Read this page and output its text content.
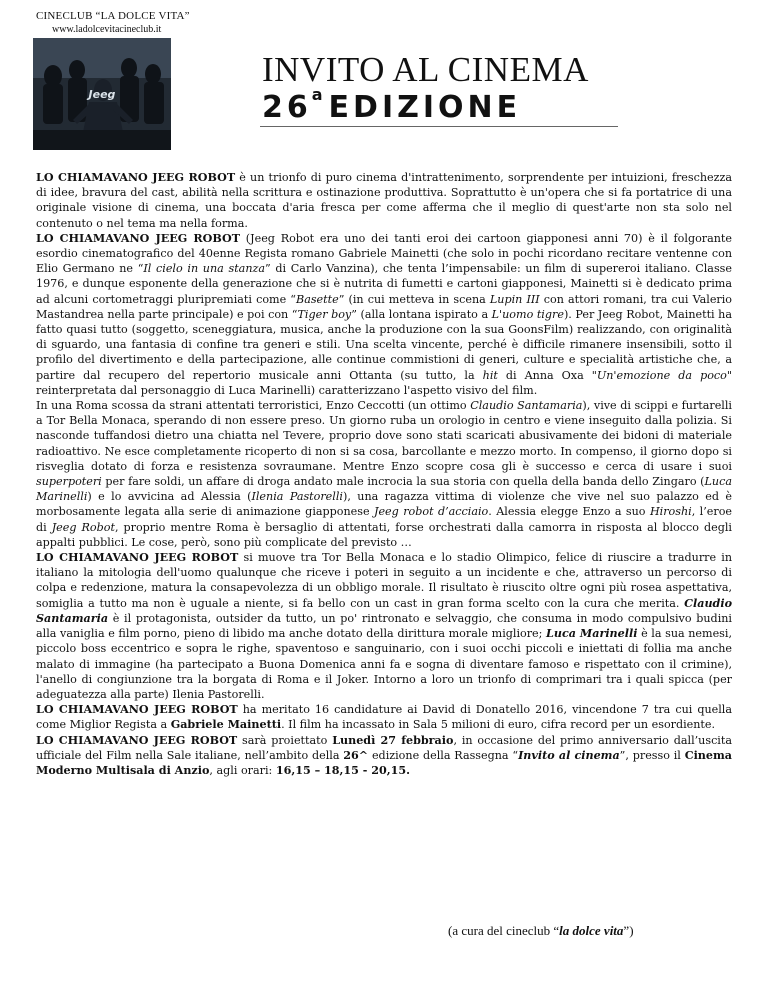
CINECLUB “LA DOLCE VITA”
www.ladolcevitacineclub.it
Jeeg
INVITO AL CINEMA
26$^a$ EDIZIONE

LO CHIAMAVANO JEEG ROBOT è un trionfo di puro cinema d'intrattenimento, sorprendente per intuizioni, freschezza di idee, bravura del cast, abilità nella scrittura e ostinazione produttiva. Soprattutto è un'opera che si fa portatrice di una originale visione di cinema, una boccata d'aria fresca per come afferma che il meglio di quest'arte non sta solo nel contenuto o nel tema ma nella forma.

LO CHIAMAVANO JEEG ROBOT (Jeeg Robot era uno dei tanti eroi dei cartoon giapponesi anni 70) è il folgorante esordio cinematografico del 40enne Regista romano Gabriele Mainetti (che solo in pochi ricordano recitare ventenne con Elio Germano ne “Il cielo in una stanza” di Carlo Vanzina), che tenta l’impensabile: un film di supereroi italiano. Classe 1976, e dunque esponente della generazione che si è nutrita di fumetti e cartoni giapponesi, Mainetti si è dedicato prima ad alcuni cortometraggi pluripremiati come “Basette” (in cui metteva in scena Lupin III con attori romani, tra cui Valerio Mastandrea nella parte principale) e poi con “Tiger boy” (alla lontana ispirato a L'uomo tigre). Per Jeeg Robot, Mainetti ha fatto quasi tutto (soggetto, sceneggiatura, musica, anche la produzione con la sua GoonsFilm) realizzando, con originalità di sguardo, una fantasia di confine tra generi e stili. Una scelta vincente, perché è difficile rimanere insensibili, sotto il profilo del divertimento e della partecipazione, alle continue commistioni di generi, culture e specialità artistiche che, a partire dal recupero del repertorio musicale anni Ottanta (su tutto, la hit di Anna Oxa "Un'emozione da poco" reinterpretata dal personaggio di Luca Marinelli) caratterizzano l'aspetto visivo del film.

In una Roma scossa da strani attentati terroristici, Enzo Ceccotti (un ottimo Claudio Santamaria), vive di scippi e furtarelli a Tor Bella Monaca, sperando di non essere preso. Un giorno ruba un orologio in centro e viene inseguito dalla polizia. Si nasconde tuffandosi dietro una chiatta nel Tevere, proprio dove sono stati scaricati abusivamente dei bidoni di materiale radioattivo. Ne esce completamente ricoperto di non si sa cosa, barcollante e mezzo morto. In compenso, il giorno dopo si risveglia dotato di forza e resistenza sovraumane. Mentre Enzo scopre cosa gli è successo e cerca di usare i suoi superpoteri per fare soldi, un affare di droga andato male incrocia la sua storia con quella della banda dello Zingaro (Luca Marinelli) e lo avvicina ad Alessia (Ilenia Pastorelli), una ragazza vittima di violenze che vive nel suo palazzo ed è morbosamente legata alla serie di animazione giapponese Jeeg robot d’acciaio. Alessia elegge Enzo a suo Hiroshi, l’eroe di Jeeg Robot, proprio mentre Roma è bersaglio di attentati, forse orchestrati dalla camorra in risposta al blocco degli appalti pubblici. Le cose, però, sono più complicate del previsto …

LO CHIAMAVANO JEEG ROBOT si muove tra Tor Bella Monaca e lo stadio Olimpico, felice di riuscire a tradurre in italiano la mitologia dell'uomo qualunque che riceve i poteri in seguito a un incidente e che, attraverso un percorso di colpa e redenzione, matura la consapevolezza di un obbligo morale. Il risultato è riuscito oltre ogni più rosea aspettativa, somiglia a tutto ma non è uguale a niente, si fa bello con un cast in gran forma scelto con la cura che merita. Claudio Santamaria è il protagonista, outsider da tutto, un po' rintronato e selvaggio, che consuma in modo compulsivo budini alla vaniglia e film porno, pieno di libido ma anche dotato della dirittura morale migliore; Luca Marinelli è la sua nemesi, piccolo boss eccentrico e sopra le righe, spaventoso e sanguinario, con i suoi occhi piccoli e iniettati di follia ma anche malato di immagine (ha partecipato a Buona Domenica anni fa e sogna di diventare famoso e rispettato con il crimine), l'anello di congiunzione tra la borgata di Roma e il Joker. Intorno a loro un trionfo di comprimari tra i quali spicca (per adeguatezza alla parte) Ilenia Pastorelli.

LO CHIAMAVANO JEEG ROBOT ha meritato 16 candidature ai David di Donatello 2016, vincendone 7 tra cui quella come Miglior Regista a Gabriele Mainetti. Il film ha incassato in Sala 5 milioni di euro, cifra record per un esordiente.

LO CHIAMAVANO JEEG ROBOT sarà proiettato Lunedì 27 febbraio, in occasione del primo anniversario dall’uscita ufficiale del Film nella Sale italiane, nell’ambito della 26^ edizione della Rassegna “Invito al cinema”, presso il Cinema Moderno Multisala di Anzio, agli orari: 16,15 – 18,15 - 20,15.

(a cura del cineclub “la dolce vita”)
